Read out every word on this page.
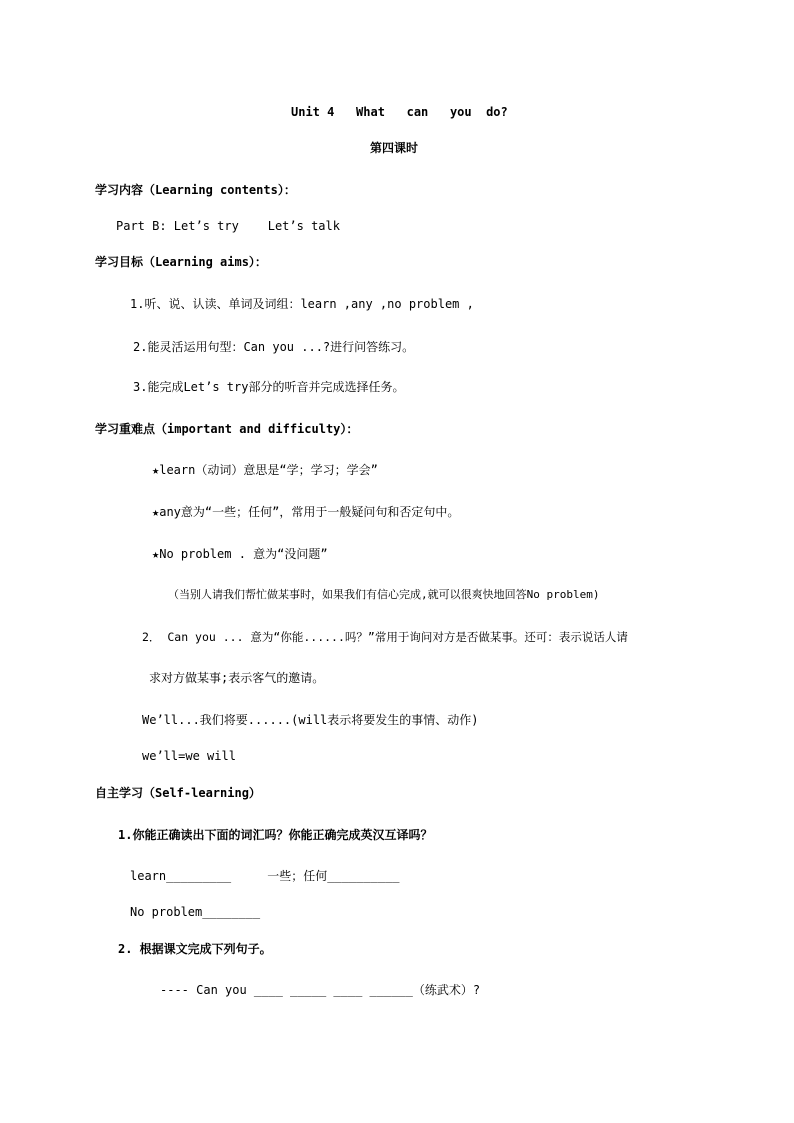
Unit 4   What   can   you  do?
第四课时
学习内容（Learning contents）：
Part B: Let’s try    Let’s talk
学习目标（Learning aims）：
1.听、说、认读、单词及词组：learn ,any ,no problem ,
2.能灵活运用句型：Can you ...?进行问答练习。
3.能完成Let’s try部分的听音并完成选择任务。
学习重难点（important and difficulty）：
★learn（动词）意思是“学；学习；学会”
★any意为“一些；任何”，常用于一般疑问句和否定句中。
★No problem . 意为“没问题”
（当别人请我们帮忙做某事时，如果我们有信心完成,就可以很爽快地回答No problem)
2． Can you ... 意为“你能......吗？”常用于询问对方是否做某事。还可：表示说话人请
求对方做某事;表示客气的邀请。
We’ll...我们将要......(will表示将要发生的事情、动作)
we’ll=we will
自主学习（Self-learning）
1.你能正确读出下面的词汇吗？你能正确完成英汉互译吗？
learn_________     一些；任何__________
No problem________
2. 根据课文完成下列句子。
---- Can you ____ _____ ____ ______（练武术）?
